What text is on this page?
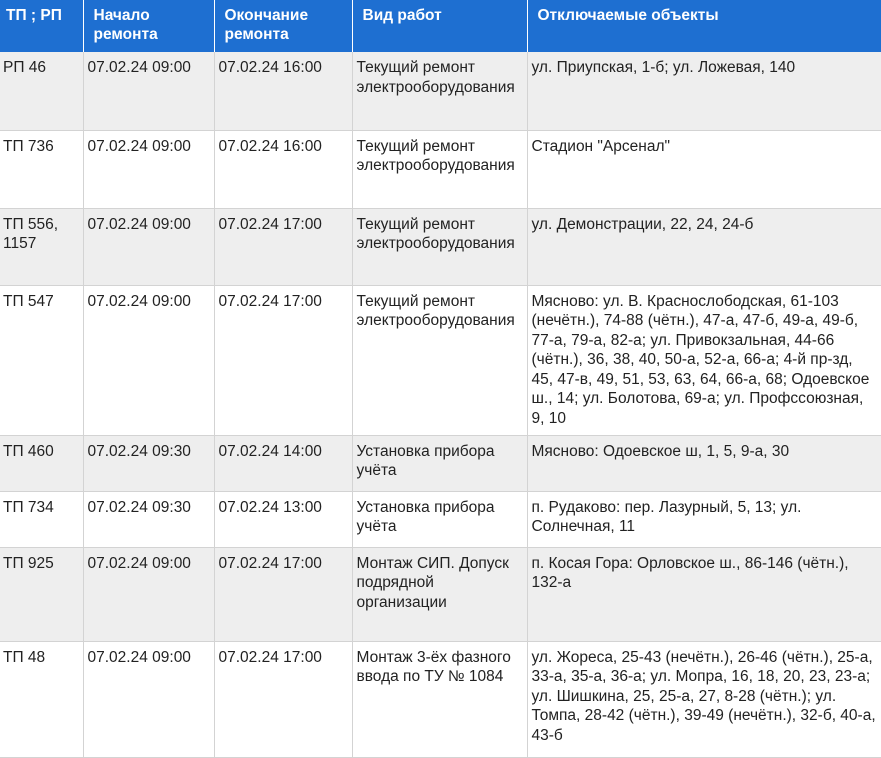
ТП ; РП	Начало ремонта	Окончание ремонта	Вид работ	Отключаемые объекты
РП 46	07.02.24 09:00	07.02.24 16:00	Текущий ремонт электрооборудования	ул. Приупская, 1-б; ул. Ложевая, 140
ТП 736	07.02.24 09:00	07.02.24 16:00	Текущий ремонт электрооборудования	Стадион "Арсенал"
ТП 556, 1157	07.02.24 09:00	07.02.24 17:00	Текущий ремонт электрооборудования	ул. Демонстрации, 22, 24, 24-б
ТП 547	07.02.24 09:00	07.02.24 17:00	Текущий ремонт электрооборудования	Мясново: ул. В. Краснослободская, 61-103 (нечётн.), 74-88 (чётн.), 47-а, 47-б, 49-а, 49-б, 77-а, 79-а, 82-а; ул. Привокзальная, 44-66 (чётн.), 36, 38, 40, 50-а, 52-а, 66-а; 4-й пр-зд, 45, 47-в, 49, 51, 53, 63, 64, 66-а, 68; Одоевское ш., 14; ул. Болотова, 69-а; ул. Профссоюзная, 9, 10
ТП 460	07.02.24 09:30	07.02.24 14:00	Установка прибора учёта	Мясново: Одоевское ш, 1, 5, 9-а, 30
ТП 734	07.02.24 09:30	07.02.24 13:00	Установка прибора учёта	п. Рудаково: пер. Лазурный, 5, 13; ул. Солнечная, 11
ТП 925	07.02.24 09:00	07.02.24 17:00	Монтаж СИП. Допуск подрядной организации	п. Косая Гора: Орловское ш., 86-146 (чётн.), 132-а
ТП 48	07.02.24 09:00	07.02.24 17:00	Монтаж 3-ёх фазного ввода по ТУ № 1084	ул. Жореса, 25-43 (нечётн.), 26-46 (чётн.), 25-а, 33-а, 35-а, 36-а; ул. Мопра, 16, 18, 20, 23, 23-а; ул. Шишкина, 25, 25-а, 27, 8-28 (чётн.); ул. Томпа, 28-42 (чётн.), 39-49 (нечётн.), 32-б, 40-а, 43-б
